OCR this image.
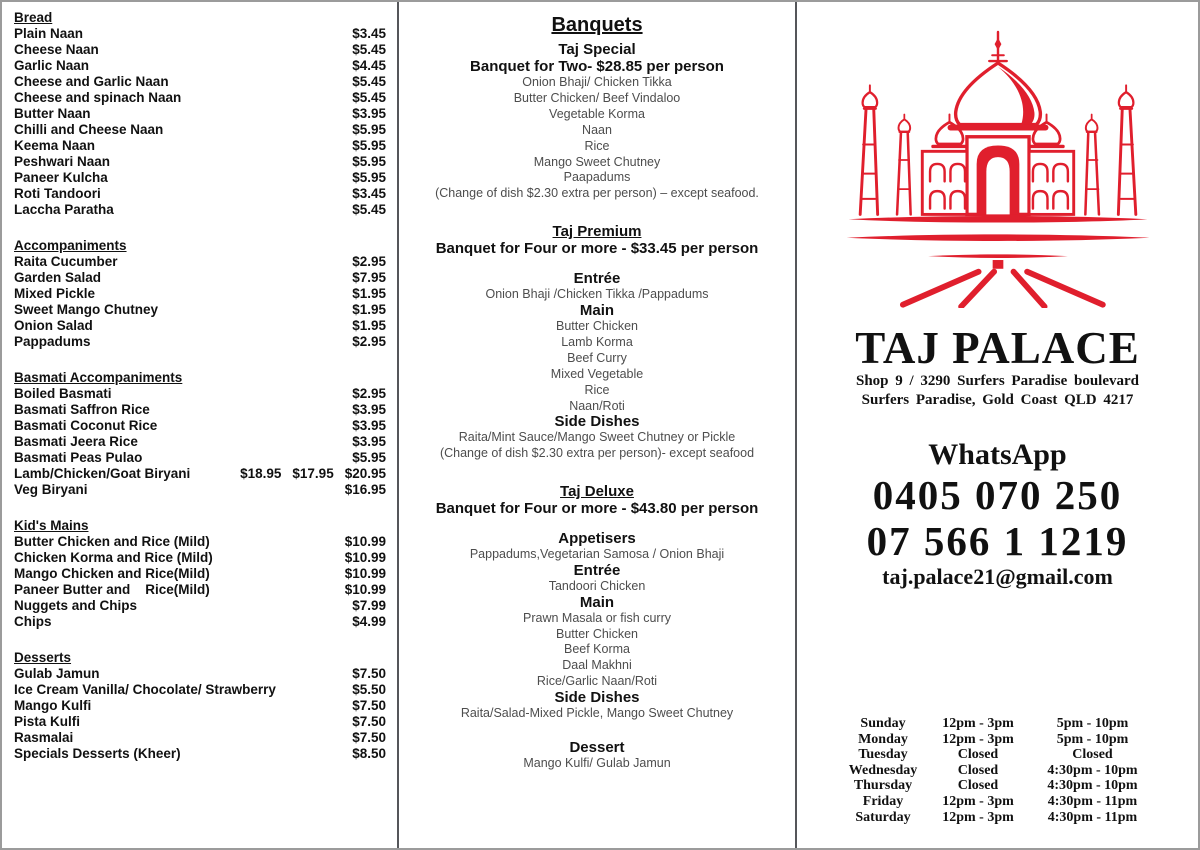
Bread
Plain Naan	$3.45
Cheese Naan	$5.45
Garlic Naan	$4.45
Cheese and Garlic Naan	$5.45
Cheese and spinach Naan	$5.45
Butter Naan	$3.95
Chilli and Cheese Naan	$5.95
Keema Naan	$5.95
Peshwari Naan	$5.95
Paneer Kulcha	$5.95
Roti Tandoori	$3.45
Laccha Paratha	$5.45
Accompaniments
Raita Cucumber	$2.95
Garden Salad	$7.95
Mixed Pickle	$1.95
Sweet Mango Chutney	$1.95
Onion Salad	$1.95
Pappadums	$2.95
Basmati Accompaniments
Boiled Basmati	$2.95
Basmati Saffron Rice	$3.95
Basmati Coconut Rice	$3.95
Basmati Jeera Rice	$3.95
Basmati Peas Pulao	$5.95
Lamb/Chicken/Goat Biryani	$18.95 $17.95 $20.95
Veg Biryani	$16.95
Kid's Mains
Butter Chicken and Rice (Mild)	$10.99
Chicken Korma and Rice (Mild)	$10.99
Mango Chicken and Rice(Mild)	$10.99
Paneer Butter and    Rice(Mild)	$10.99
Nuggets and Chips	$7.99
Chips	$4.99
Desserts
Gulab Jamun	$7.50
Ice Cream Vanilla/ Chocolate/ Strawberry	$5.50
Mango Kulfi	$7.50
Pista Kulfi	$7.50
Rasmalai	$7.50
Specials Desserts (Kheer)	$8.50
Banquets
Taj Special
Banquet for Two- $28.85 per person
Onion Bhaji/ Chicken Tikka
Butter Chicken/ Beef Vindaloo
Vegetable Korma
Naan
Rice
Mango Sweet Chutney
Paapadums
(Change of dish $2.30 extra per person) – except seafood.
Taj Premium
Banquet for Four or more - $33.45 per person
Entrée
Onion Bhaji /Chicken Tikka /Pappadums
Main
Butter Chicken
Lamb Korma
Beef Curry
Mixed Vegetable
Rice
Naan/Roti
Side Dishes
Raita/Mint Sauce/Mango Sweet Chutney or Pickle
(Change of dish $2.30 extra per person)- except seafood
Taj Deluxe
Banquet for Four or more - $43.80 per person
Appetisers
Pappadums,Vegetarian Samosa / Onion Bhaji
Entrée
Tandoori Chicken
Main
Prawn Masala or fish curry
Butter Chicken
Beef Korma
Daal Makhni
Rice/Garlic Naan/Roti
Side Dishes
Raita/Salad-Mixed Pickle, Mango Sweet Chutney
Dessert
Mango Kulfi/ Gulab Jamun
TAJ PALACE
Shop 9 / 3290 Surfers Paradise boulevard
Surfers Paradise, Gold Coast QLD 4217
WhatsApp
0405 070 250
07 566 1 1219
taj.palace21@gmail.com
Sunday	12pm - 3pm	5pm - 10pm
Monday	12pm - 3pm	5pm - 10pm
Tuesday	Closed	Closed
Wednesday	Closed	4:30pm - 10pm
Thursday	Closed	4:30pm - 10pm
Friday	12pm - 3pm	4:30pm - 11pm
Saturday	12pm - 3pm	4:30pm - 11pm
